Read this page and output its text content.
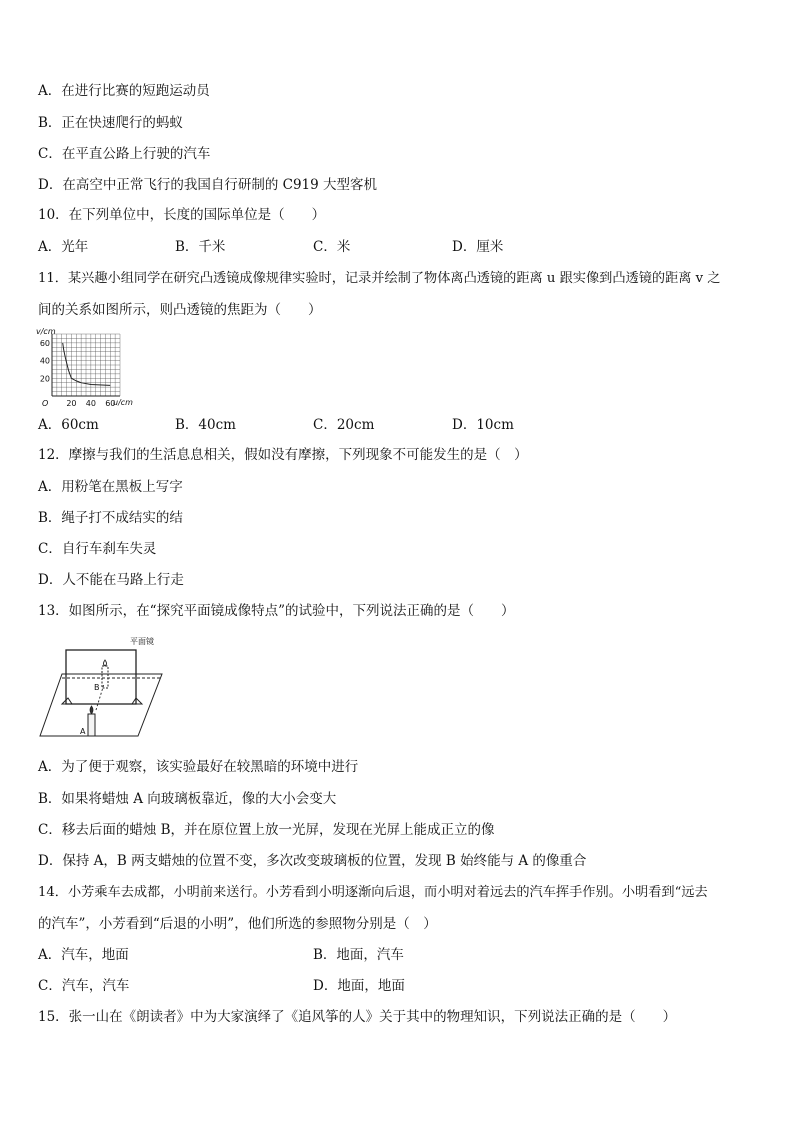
A．在进行比赛的短跑运动员
B．正在快速爬行的蚂蚁
C．在平直公路上行驶的汽车
D．在高空中正常飞行的我国自行研制的 C919 大型客机
10．在下列单位中，长度的国际单位是（　　）
A．光年	B．千米	C．米	D．厘米
11．某兴趣小组同学在研究凸透镜成像规律实验时，记录并绘制了物体离凸透镜的距离 u 跟实像到凸透镜的距离 v 之
间的关系如图所示，则凸透镜的焦距为（　　）
v/cm
20
40
60
20 40 60
O	u/cm
A．60cm	B．40cm	C．20cm	D．10cm
12．摩擦与我们的生活息息相关，假如没有摩擦，下列现象不可能发生的是（　）
A．用粉笔在黑板上写字
B．绳子打不成结实的结
C．自行车刹车失灵
D．人不能在马路上行走
13．如图所示，在“探究平面镜成像特点”的试验中，下列说法正确的是（　　）
平面镜
B
A
A．为了便于观察，该实验最好在较黑暗的环境中进行
B．如果将蜡烛 A 向玻璃板靠近，像的大小会变大
C．移去后面的蜡烛 B，并在原位置上放一光屏，发现在光屏上能成正立的像
D．保持 A，B 两支蜡烛的位置不变，多次改变玻璃板的位置，发现 B 始终能与 A 的像重合
14．小芳乘车去成都，小明前来送行。小芳看到小明逐渐向后退，而小明对着远去的汽车挥手作别。小明看到“远去
的汽车”，小芳看到“后退的小明”，他们所选的参照物分别是（　）
A．汽车，地面	B．地面，汽车
C．汽车，汽车	D．地面，地面
15．张一山在《朗读者》中为大家演绎了《追风筝的人》关于其中的物理知识，下列说法正确的是（　　）
